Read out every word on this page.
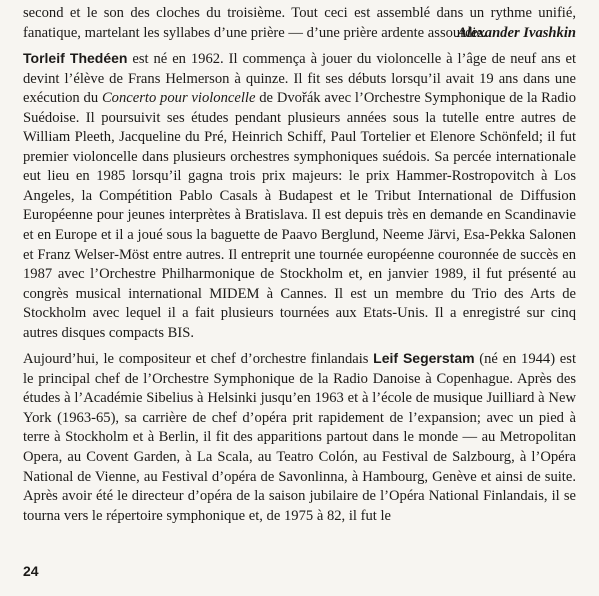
second et le son des cloches du troisième. Tout ceci est assemblé dans un rythme unifié, fanatique, martelant les syllabes d’une prière — d’une prière ardente assourdie.

Alexander Ivashkin

Torleif Thedéen est né en 1962. Il commença à jouer du violoncelle à l’âge de neuf ans et devint l’élève de Frans Helmerson à quinze. Il fit ses débuts lorsqu’il avait 19 ans dans une exécution du Concerto pour violoncelle de Dvořák avec l’Orchestre Symphonique de la Radio Suédoise. Il poursuivit ses études pendant plusieurs années sous la tutelle entre autres de William Pleeth, Jacqueline du Pré, Heinrich Schiff, Paul Tortelier et Elenore Schönfeld; il fut premier violoncelle dans plusieurs orchestres symphoniques suédois. Sa percée internationale eut lieu en 1985 lorsqu’il gagna trois prix majeurs: le prix Hammer-Rostropovitch à Los Angeles, la Compétition Pablo Casals à Budapest et le Tribut International de Diffusion Européenne pour jeunes interprètes à Bratislava. Il est depuis très en demande en Scandinavie et en Europe et il a joué sous la baguette de Paavo Berglund, Neeme Järvi, Esa-Pekka Salonen et Franz Welser-Möst entre autres. Il entreprit une tournée européenne couronnée de succès en 1987 avec l’Orchestre Philharmonique de Stockholm et, en janvier 1989, il fut présenté au congrès musical international MIDEM à Cannes. Il est un membre du Trio des Arts de Stockholm avec lequel il a fait plusieurs tournées aux Etats-Unis. Il a enregistré sur cinq autres disques compacts BIS.

Aujourd’hui, le compositeur et chef d’orchestre finlandais Leif Segerstam (né en 1944) est le principal chef de l’Orchestre Symphonique de la Radio Danoise à Copenhague. Après des études à l’Académie Sibelius à Helsinki jusqu’en 1963 et à l’école de musique Juilliard à New York (1963-65), sa carrière de chef d’opéra prit rapidement de l’expansion; avec un pied à terre à Stockholm et à Berlin, il fit des apparitions partout dans le monde — au Metropolitan Opera, au Covent Garden, à La Scala, au Teatro Colón, au Festival de Salzbourg, à l’Opéra National de Vienne, au Festival d’opéra de Savonlinna, à Hambourg, Genève et ainsi de suite. Après avoir été le directeur d’opéra de la saison jubilaire de l’Opéra National Finlandais, il se tourna vers le répertoire symphonique et, de 1975 à 82, il fut le

24
